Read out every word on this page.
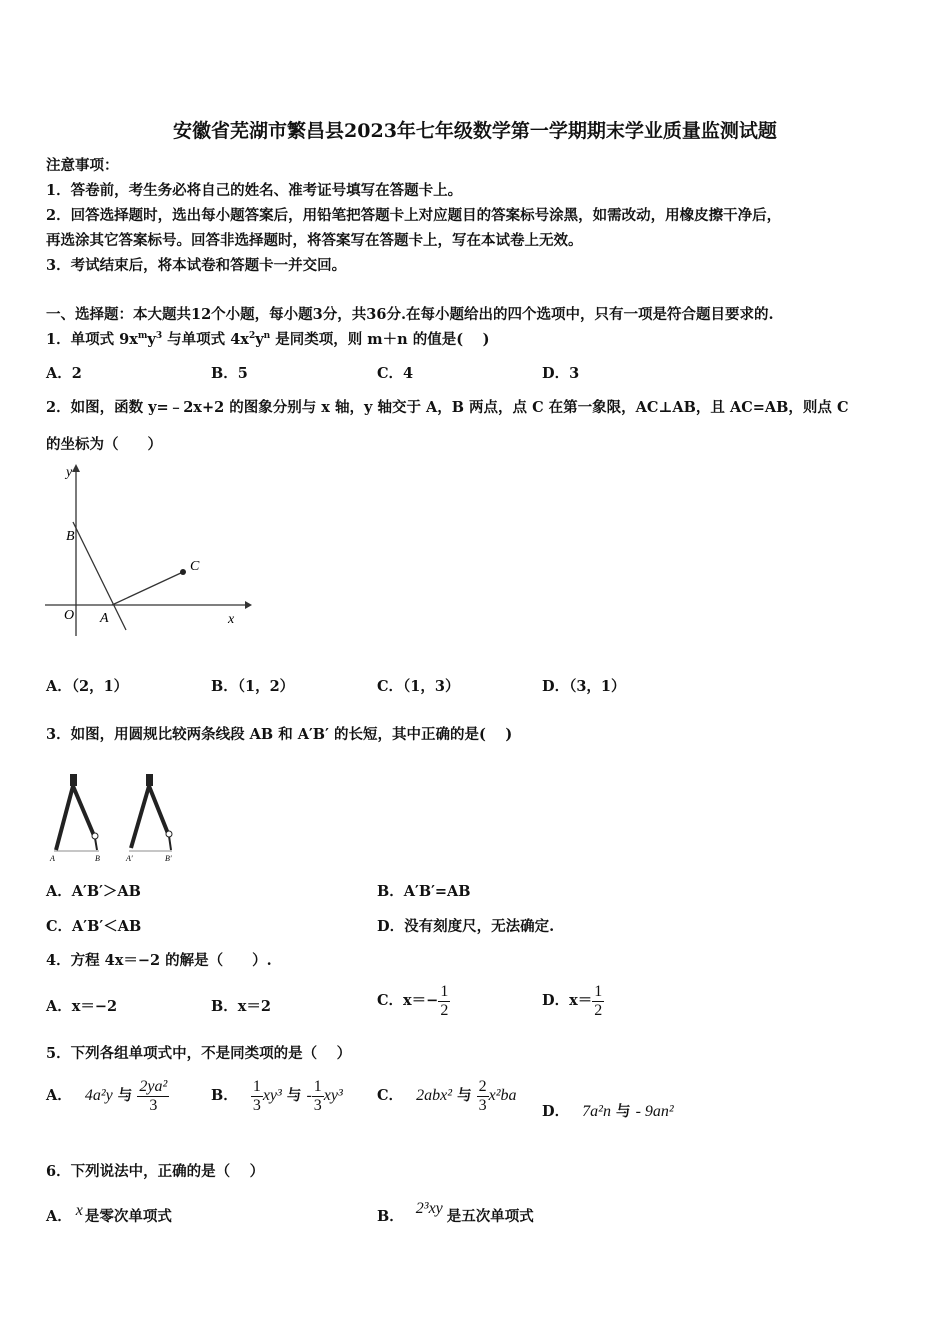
安徽省芜湖市繁昌县2023年七年级数学第一学期期末学业质量监测试题
注意事项：
1．答卷前，考生务必将自己的姓名、准考证号填写在答题卡上。
2．回答选择题时，选出每小题答案后，用铅笔把答题卡上对应题目的答案标号涂黑，如需改动，用橡皮擦干净后，
再选涂其它答案标号。回答非选择题时，将答案写在答题卡上，写在本试卷上无效。
3．考试结束后，将本试卷和答题卡一并交回。
一、选择题：本大题共12个小题，每小题3分，共36分.在每小题给出的四个选项中，只有一项是符合题目要求的.
1．单项式 $9x^my^3$ 与单项式 $4x^2y^n$ 是同类项，则 m＋n 的值是(　 )
A．2	B．5	C．4	D．3
2．如图，函数 y=﹣2x+2 的图象分别与 x 轴，y 轴交于 A，B 两点，点 C 在第一象限，AC⊥AB，且 AC=AB，则点 C
的坐标为（　　）
y
x
O A
B
C
A．（2，1）	B．（1，2）	C．（1，3）	D．（3，1）
3．如图，用圆规比较两条线段 AB 和 A′B′ 的长短，其中正确的是(　 )
A	B	A′	B′
A．A′B′＞AB	B．A′B′=AB
C．A′B′＜AB	D．没有刻度尺，无法确定.
4．方程 4x＝−2 的解是（　　）.
A．x＝−2	B．x＝2	C．$x=- \frac{1}{2}$	D．$x= \frac{1}{2}$
5．下列各组单项式中，不是同类项的是（　 ）
A． 4a²y 与 $\frac{\text{2ya²}}{3}$	B． $\frac{1}{3} xy^3$ 与 - $\frac{1}{3} xy^3$ C． 2abx² 与 $\frac{2}{3} x^2ba$
D． 7a²n 与 - 9an²
6．下列说法中，正确的是（　 ）
A． x 是零次单项式	B． 2³xy 是五次单项式
